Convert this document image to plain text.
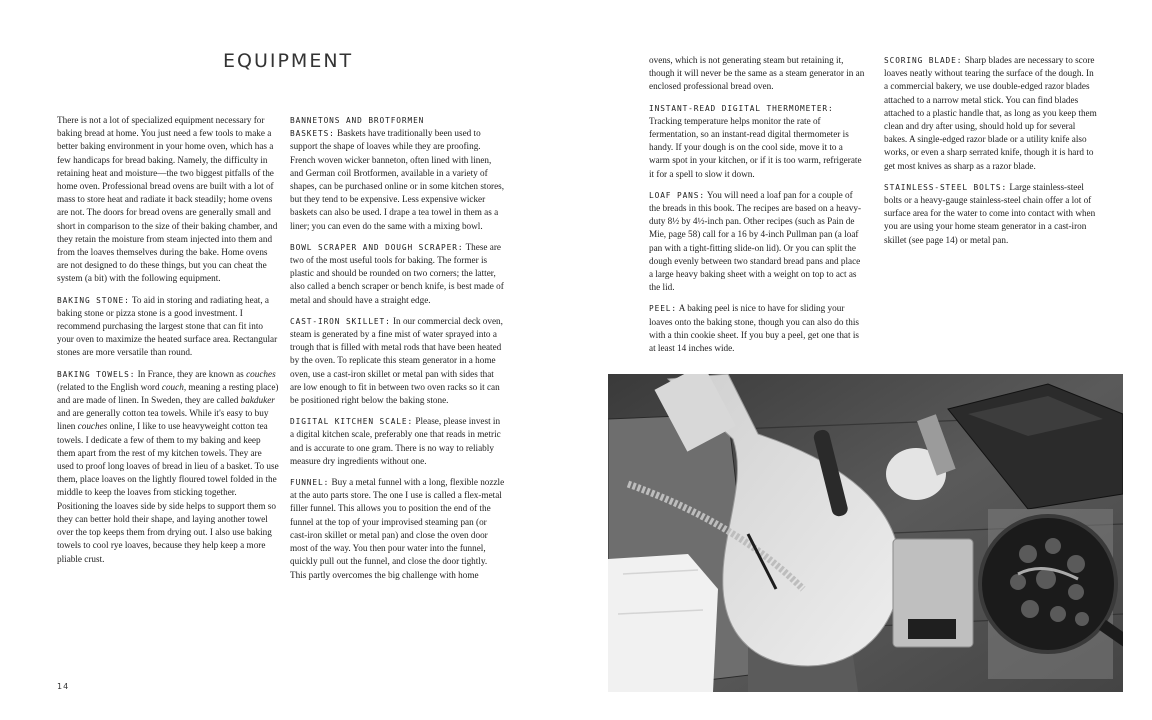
EQUIPMENT

There is not a lot of specialized equipment necessary for baking bread at home. You just need a few tools to make a better baking environment in your home oven, which has a few handicaps for bread baking. Namely, the difficulty in retaining heat and moisture—the two biggest pitfalls of the home oven. Professional bread ovens are built with a lot of mass to store heat and radiate it back steadily; home ovens are not. The doors for bread ovens are generally small and short in comparison to the size of their baking chamber, and they retain the moisture from steam injected into them and from the loaves themselves during the bake. Home ovens are not designed to do these things, but you can cheat the system (a bit) with the following equipment.

BAKING STONE: To aid in storing and radiating heat, a baking stone or pizza stone is a good investment. I recommend purchasing the largest stone that can fit into your oven to maximize the heated surface area. Rectangular stones are more versatile than round.

BAKING TOWELS: In France, they are known as couches (related to the English word couch, meaning a resting place) and are made of linen. In Sweden, they are called bakduker and are generally cotton tea towels. While it's easy to buy linen couches online, I like to use heavyweight cotton tea towels. I dedicate a few of them to my baking and keep them apart from the rest of my kitchen towels. They are used to proof long loaves of bread in lieu of a basket. To use them, place loaves on the lightly floured towel folded in the middle to keep the loaves from sticking together. Positioning the loaves side by side helps to support them so they can better hold their shape, and laying another towel over the top keeps them from drying out. I also use baking towels to cool rye loaves, because they help keep a more pliable crust.

BANNETONS AND BROTFORMEN
BASKETS: Baskets have traditionally been used to support the shape of loaves while they are proofing. French woven wicker banneton, often lined with linen, and German coil Brotformen, available in a variety of shapes, can be purchased online or in some kitchen stores, but they tend to be expensive. Less expensive wicker baskets can also be used. I drape a tea towel in them as a liner; you can even do the same with a mixing bowl.

BOWL SCRAPER AND DOUGH SCRAPER: These are two of the most useful tools for baking. The former is plastic and should be rounded on two corners; the latter, also called a bench scraper or bench knife, is best made of metal and should have a straight edge.

CAST-IRON SKILLET: In our commercial deck oven, steam is generated by a fine mist of water sprayed into a trough that is filled with metal rods that have been heated by the oven. To replicate this steam generator in a home oven, use a cast-iron skillet or metal pan with sides that are low enough to fit in between two oven racks so it can be positioned right below the baking stone.

DIGITAL KITCHEN SCALE: Please, please invest in a digital kitchen scale, preferably one that reads in metric and is accurate to one gram. There is no way to reliably measure dry ingredients without one.

FUNNEL: Buy a metal funnel with a long, flexible nozzle at the auto parts store. The one I use is called a flex-metal filler funnel. This allows you to position the end of the funnel at the top of your improvised steaming pan (or cast-iron skillet or metal pan) and close the oven door most of the way. You then pour water into the funnel, quickly pull out the funnel, and close the door tightly. This partly overcomes the big challenge with home

ovens, which is not generating steam but retaining it, though it will never be the same as a steam generator in an enclosed professional bread oven.

INSTANT-READ DIGITAL THERMOMETER: Tracking temperature helps monitor the rate of fermentation, so an instant-read digital thermometer is handy. If your dough is on the cool side, move it to a warm spot in your kitchen, or if it is too warm, refrigerate it for a spell to slow it down.

LOAF PANS: You will need a loaf pan for a couple of the breads in this book. The recipes are based on a heavy-duty 8½ by 4½-inch pan. Other recipes (such as Pain de Mie, page 58) call for a 16 by 4-inch Pullman pan (a loaf pan with a tight-fitting slide-on lid). Or you can split the dough evenly between two standard bread pans and place a large heavy baking sheet with a weight on top to act as the lid.

PEEL: A baking peel is nice to have for sliding your loaves onto the baking stone, though you can also do this with a thin cookie sheet. If you buy a peel, get one that is at least 14 inches wide.

SCORING BLADE: Sharp blades are necessary to score loaves neatly without tearing the surface of the dough. In a commercial bakery, we use double-edged razor blades attached to a narrow metal stick. You can find blades attached to a plastic handle that, as long as you keep them clean and dry after using, should hold up for several bakes. A single-edged razor blade or a utility knife also works, or even a sharp serrated knife, though it is hard to get most knives as sharp as a razor blade.

STAINLESS-STEEL BOLTS: Large stainless-steel bolts or a heavy-gauge stainless-steel chain offer a lot of surface area for the water to come into contact with when you are using your home steam generator in a cast-iron skillet (see page 14) or metal pan.

14
